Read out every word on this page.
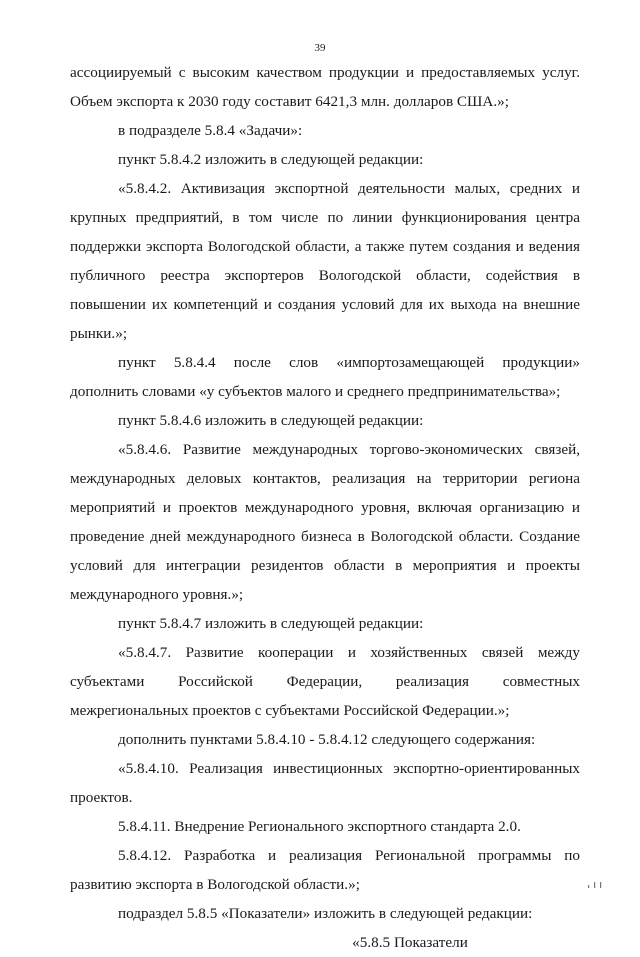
39

ассоциируемый с высоким качеством продукции и предоставляемых услуг. Объем экспорта к 2030 году составит 6421,3 млн. долларов США.»;

в подразделе 5.8.4 «Задачи»:

пункт 5.8.4.2 изложить в следующей редакции:

«5.8.4.2. Активизация экспортной деятельности малых, средних и крупных предприятий, в том числе по линии функционирования центра поддержки экспорта Вологодской области, а также путем создания и ведения публичного реестра экспортеров Вологодской области, содействия в повышении их компетенций и создания условий для их выхода на внешние рынки.»;

пункт 5.8.4.4 после слов «импортозамещающей продукции» дополнить словами «у субъектов малого и среднего предпринимательства»;

пункт 5.8.4.6 изложить в следующей редакции:

«5.8.4.6. Развитие международных торгово-экономических связей, международных деловых контактов, реализация на территории региона мероприятий и проектов международного уровня, включая организацию и проведение дней международного бизнеса в Вологодской области. Создание условий для интеграции резидентов области в мероприятия и проекты международного уровня.»;

пункт 5.8.4.7 изложить в следующей редакции:

«5.8.4.7. Развитие кооперации и хозяйственных связей между субъектами Российской Федерации, реализация совместных межрегиональных проектов с субъектами Российской Федерации.»;

дополнить пунктами 5.8.4.10 - 5.8.4.12 следующего содержания:

«5.8.4.10. Реализация инвестиционных экспортно-ориентированных проектов.

5.8.4.11. Внедрение Регионального экспортного стандарта 2.0.

5.8.4.12. Разработка и реализация Региональной программы по развитию экспорта в Вологодской области.»;

подраздел 5.8.5 «Показатели» изложить в следующей редакции:

«5.8.5 Показатели
